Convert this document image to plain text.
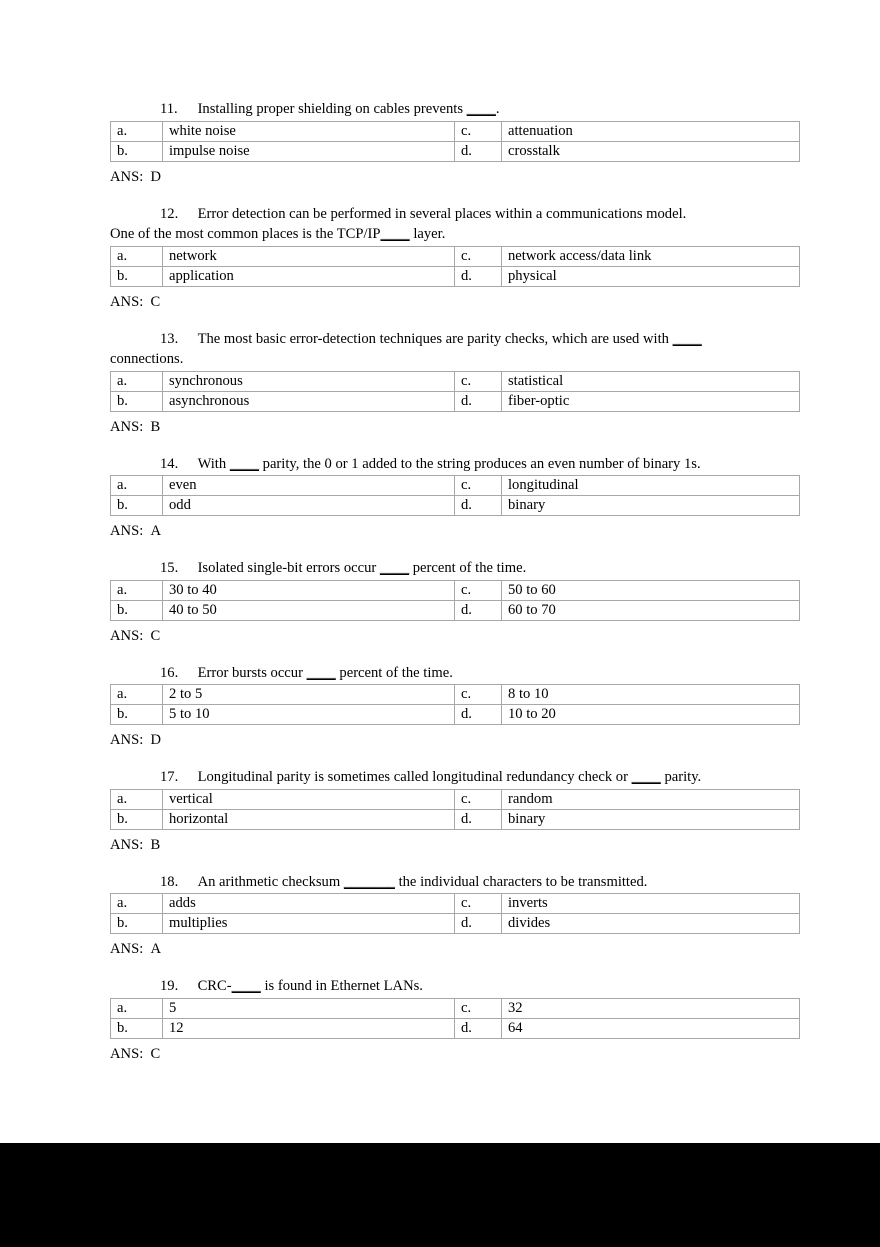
11.	Installing proper shielding on cables prevents ____.

a.	white noise	c.	attenuation
b.	impulse noise	d.	crosstalk

ANS: D

12.	Error detection can be performed in several places within a communications model.

One of the most common places is the TCP/IP____ layer.

a.	network	c.	network access/data link
b.	application	d.	physical

ANS: C

13.	The most basic error-detection techniques are parity checks, which are used with ____

connections.

a.	synchronous	c.	statistical
b.	asynchronous	d.	fiber-optic

ANS: B

14.	With ____ parity, the 0 or 1 added to the string produces an even number of binary 1s.

a.	even	c.	longitudinal
b.	odd	d.	binary

ANS: A

15.	Isolated single-bit errors occur ____ percent of the time.

a.	30 to 40	c.	50 to 60
b.	40 to 50	d.	60 to 70

ANS: C

16.	Error bursts occur ____ percent of the time.

a.	2 to 5	c.	8 to 10
b.	5 to 10	d.	10 to 20

ANS: D

17.	Longitudinal parity is sometimes called longitudinal redundancy check or ____ parity.

a.	vertical	c.	random
b.	horizontal	d.	binary

ANS: B

18.	An arithmetic checksum _______ the individual characters to be transmitted.

a.	adds	c.	inverts
b.	multiplies	d.	divides

ANS: A

19.	CRC-____ is found in Ethernet LANs.

a.	5	c.	32
b.	12	d.	64

ANS: C
